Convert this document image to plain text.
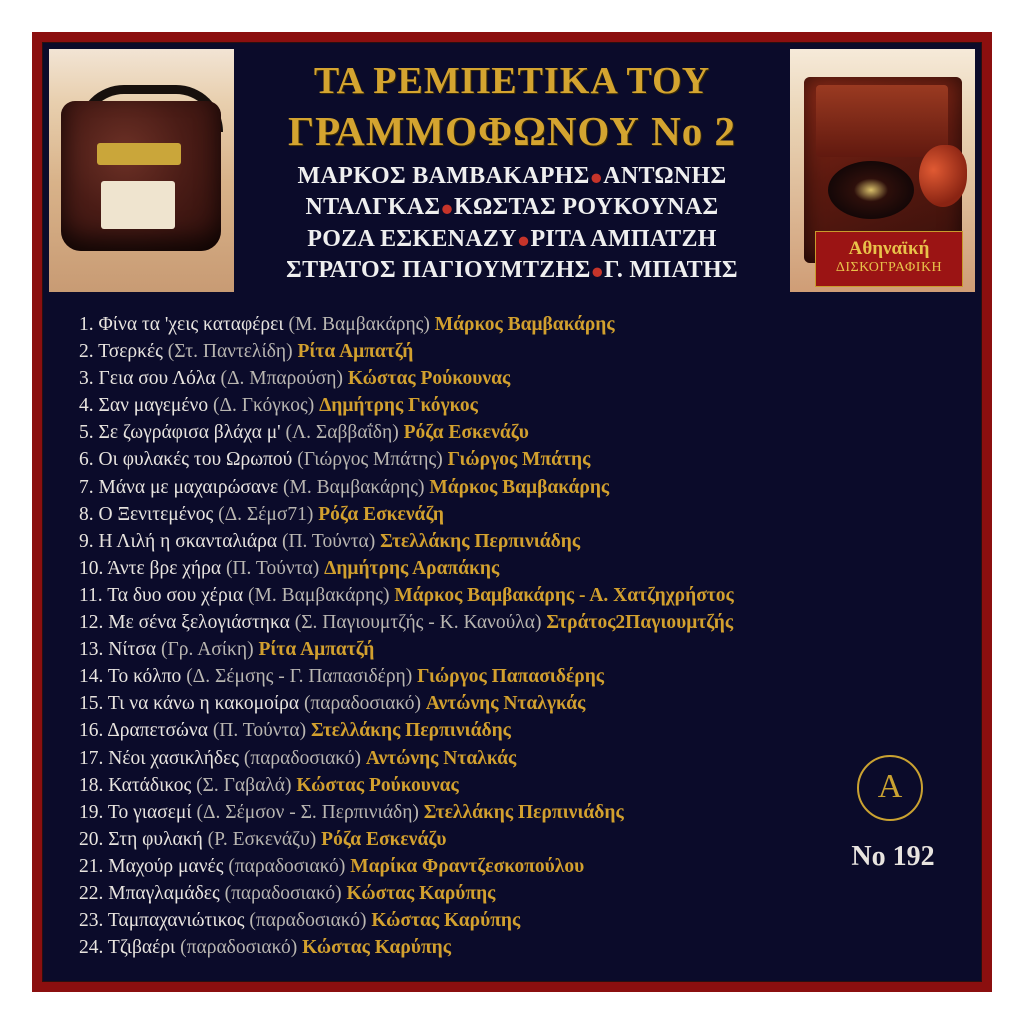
ΤΑ ΡΕΜΠΕΤΙΚΑ ΤΟΥ
ΓΡΑΜΜΟΦΩΝΟΥ Νο 2
ΜΑΡΚΟΣ ΒΑΜΒΑΚΑΡΗΣ●ΑΝΤΩΝΗΣ
ΝΤΑΛΓΚΑΣ●ΚΩΣΤΑΣ ΡΟΥΚΟΥΝΑΣ
ΡΟΖΑ ΕΣΚΕΝΑΖΥ●ΡΙΤΑ ΑΜΠΑΤΖΗ
ΣΤΡΑΤΟΣ ΠΑΓΙΟΥΜΤΖΗΣ●Γ. ΜΠΑΤΗΣ
1. Φίνα τα 'χεις καταφέρει (Μ. Βαμβακάρης) Μάρκος Βαμβακάρης
2. Τσερκές (Στ. Παντελίδη) Ρίτα Αμπατζή
3. Γεια σου Λόλα (Δ. Μπαρούση) Κώστας Ρούκουνας
4. Σαν μαγεμένο (Δ. Γκόγκος) Δημήτρης Γκόγκος
5. Σε ζωγράφισα βλάχα μ' (Λ. Σαββαΐδη) Ρόζα Εσκενάζυ
6. Οι φυλακές του Ωρωπού (Γιώργος Μπάτης) Γιώργος Μπάτης
7. Μάνα με μαχαιρώσανε (Μ. Βαμβακάρης) Μάρκος Βαμβακάρης
8. Ο Ξενιτεμένος (Δ. Σέμσ71) Ρόζα Εσκενάζη
9. Η Λιλή η σκανταλιάρα (Π. Τούντα) Στελλάκης Περπινιάδης
10. Άντε βρε χήρα (Π. Τούντα) Δημήτρης Αραπάκης
11. Τα δυο σου χέρια (Μ. Βαμβακάρης) Μάρκος Βαμβακάρης - Α. Χατζηχρήστος
12. Με σένα ξελογιάστηκα (Σ. Παγιουμτζής - Κ. Κανούλα) Στράτος2Παγιουμτζής
13. Νίτσα (Γρ. Ασίκη) Ρίτα Αμπατζή
14. Το κόλπο (Δ. Σέμσης - Γ. Παπασιδέρη) Γιώργος Παπασιδέρης
15. Τι να κάνω η κακομοίρα (παραδοσιακό) Αντώνης Νταλγκάς
16. Δραπετσώνα (Π. Τούντα) Στελλάκης Περπινιάδης
17. Νέοι χασικλήδες (παραδοσιακό) Αντώνης Νταλκάς
18. Κατάδικος (Σ. Γαβαλά) Κώστας Ρούκουνας
19. Το γιασεμί (Δ. Σέμσον - Σ. Περπινιάδη) Στελλάκης Περπινιάδης
20. Στη φυλακή (Ρ. Εσκενάζυ) Ρόζα Εσκενάζυ
21. Μαχούρ μανές (παραδοσιακό) Μαρίκα Φραντζεσκοπούλου
22. Μπαγλαμάδες (παραδοσιακό) Κώστας Καρύπης
23. Ταμπαχανιώτικος (παραδοσιακό) Κώστας Καρύπης
24. Τζιβαέρι (παραδοσιακό) Κώστας Καρύπης
Αθηναϊκή
ΔΙΣΚΟΓΡΑΦΙΚΗ
A
Νο 192
